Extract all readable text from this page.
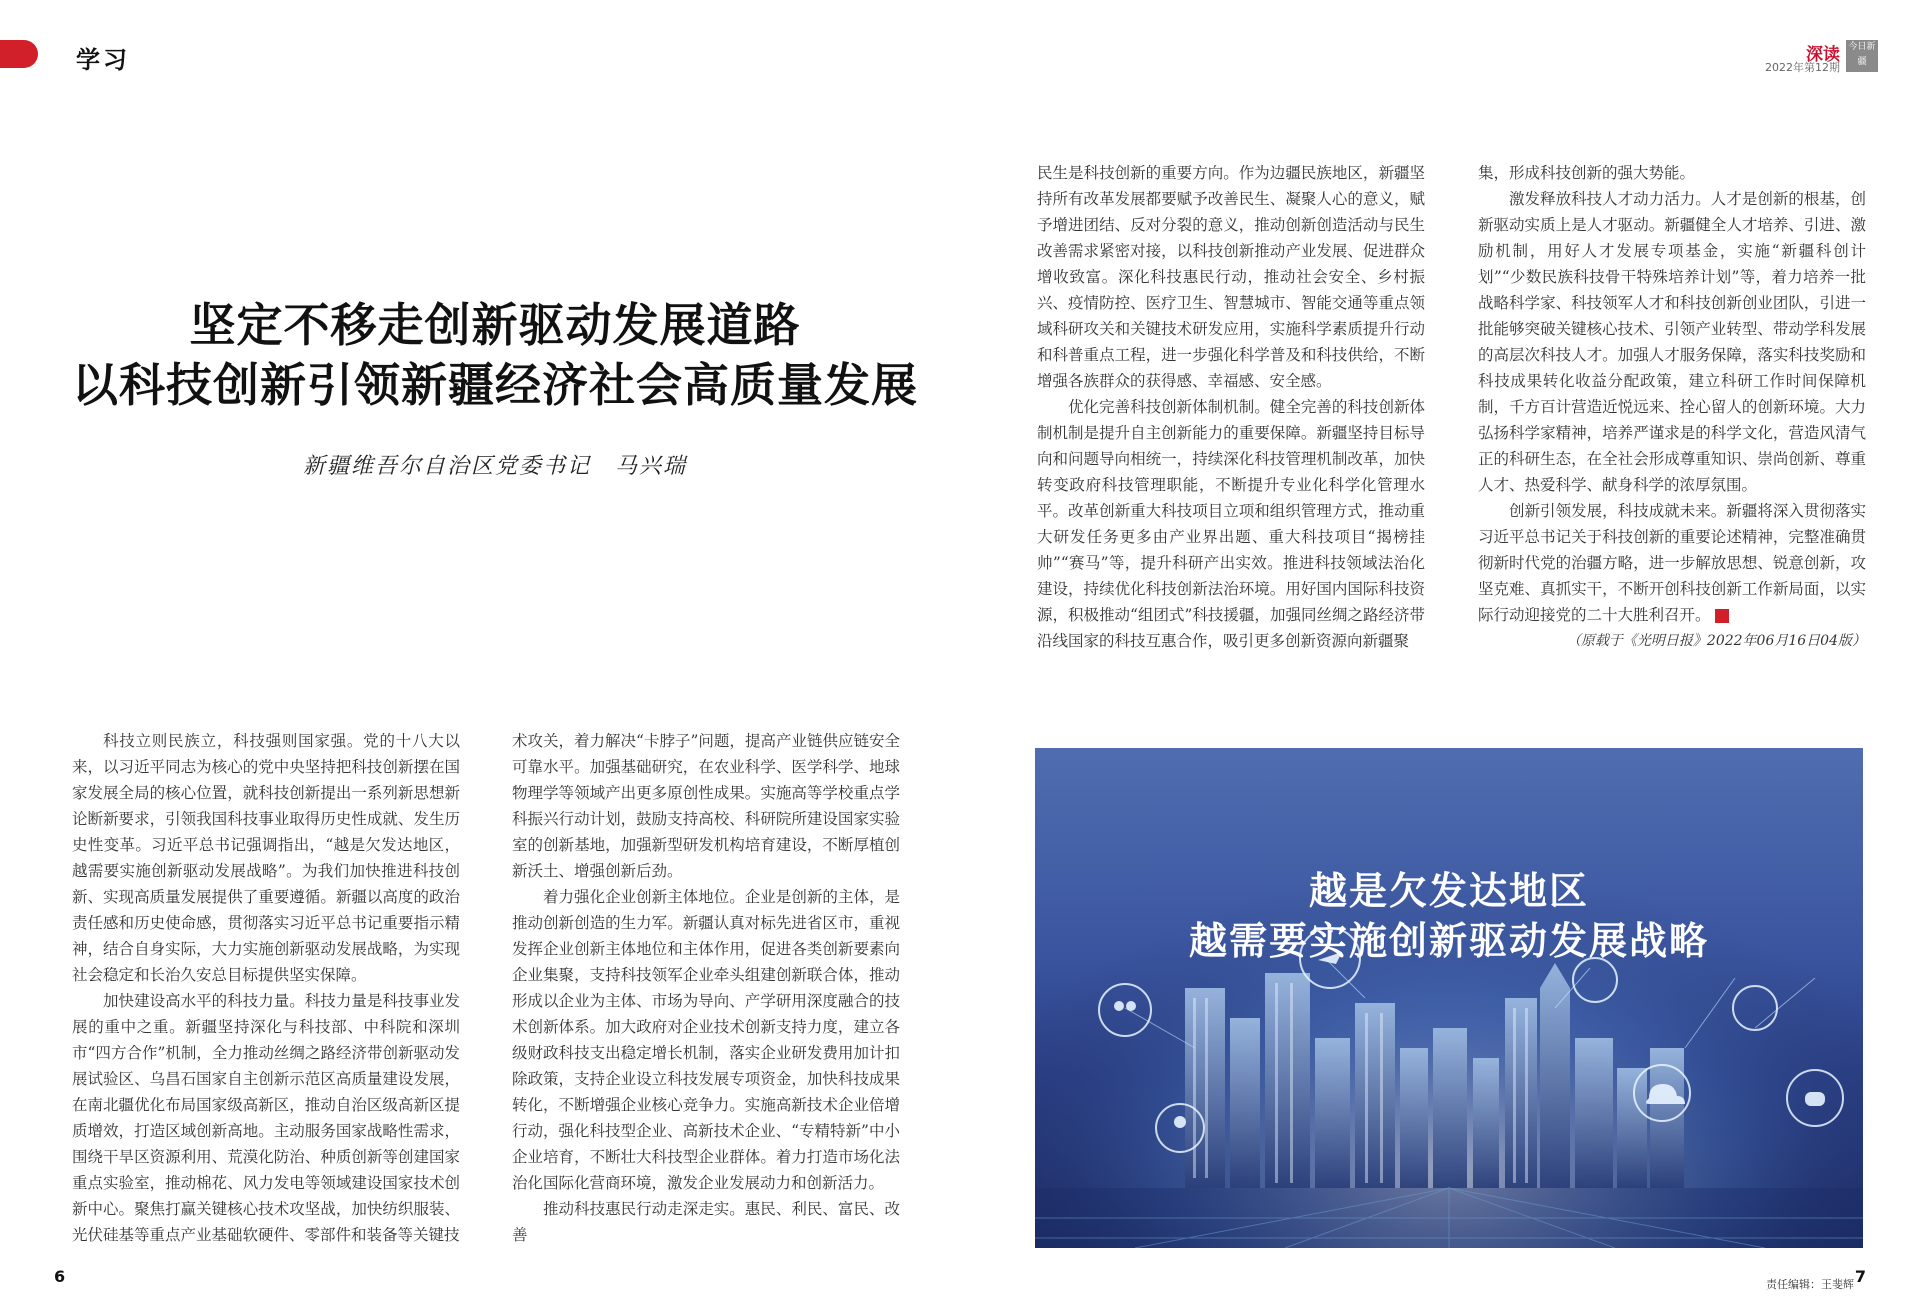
学习	深读 今日新疆
2022年第12期
坚定不移走创新驱动发展道路
以科技创新引领新疆经济社会高质量发展
新疆维吾尔自治区党委书记　马兴瑞

科技立则民族立，科技强则国家强。党的十八大以来，以习近平同志为核心的党中央坚持把科技创新摆在国家发展全局的核心位置，就科技创新提出一系列新思想新论断新要求，引领我国科技事业取得历史性成就、发生历史性变革。习近平总书记强调指出，“越是欠发达地区，越需要实施创新驱动发展战略”。为我们加快推进科技创新、实现高质量发展提供了重要遵循。新疆以高度的政治责任感和历史使命感，贯彻落实习近平总书记重要指示精神，结合自身实际，大力实施创新驱动发展战略，为实现社会稳定和长治久安总目标提供坚实保障。

加快建设高水平的科技力量。科技力量是科技事业发展的重中之重。新疆坚持深化与科技部、中科院和深圳市“四方合作”机制，全力推动丝绸之路经济带创新驱动发展试验区、乌昌石国家自主创新示范区高质量建设发展，在南北疆优化布局国家级高新区，推动自治区级高新区提质增效，打造区域创新高地。主动服务国家战略性需求，围绕干旱区资源利用、荒漠化防治、种质创新等创建国家重点实验室，推动棉花、风力发电等领域建设国家技术创新中心。聚焦打赢关键核心技术攻坚战，加快纺织服装、光伏硅基等重点产业基础软硬件、零部件和装备等关键技

术攻关，着力解决“卡脖子”问题，提高产业链供应链安全可靠水平。加强基础研究，在农业科学、医学科学、地球物理学等领域产出更多原创性成果。实施高等学校重点学科振兴行动计划，鼓励支持高校、科研院所建设国家实验室的创新基地，加强新型研发机构培育建设，不断厚植创新沃土、增强创新后劲。

着力强化企业创新主体地位。企业是创新的主体，是推动创新创造的生力军。新疆认真对标先进省区市，重视发挥企业创新主体地位和主体作用，促进各类创新要素向企业集聚，支持科技领军企业牵头组建创新联合体，推动形成以企业为主体、市场为导向、产学研用深度融合的技术创新体系。加大政府对企业技术创新支持力度，建立各级财政科技支出稳定增长机制，落实企业研发费用加计扣除政策，支持企业设立科技发展专项资金，加快科技成果转化，不断增强企业核心竞争力。实施高新技术企业倍增行动，强化科技型企业、高新技术企业、“专精特新”中小企业培育，不断壮大科技型企业群体。着力打造市场化法治化国际化营商环境，激发企业发展动力和创新活力。

推动科技惠民行动走深走实。惠民、利民、富民、改善

民生是科技创新的重要方向。作为边疆民族地区，新疆坚持所有改革发展都要赋予改善民生、凝聚人心的意义，赋予增进团结、反对分裂的意义，推动创新创造活动与民生改善需求紧密对接，以科技创新推动产业发展、促进群众增收致富。深化科技惠民行动，推动社会安全、乡村振兴、疫情防控、医疗卫生、智慧城市、智能交通等重点领域科研攻关和关键技术研发应用，实施科学素质提升行动和科普重点工程，进一步强化科学普及和科技供给，不断增强各族群众的获得感、幸福感、安全感。

优化完善科技创新体制机制。健全完善的科技创新体制机制是提升自主创新能力的重要保障。新疆坚持目标导向和问题导向相统一，持续深化科技管理机制改革，加快转变政府科技管理职能，不断提升专业化科学化管理水平。改革创新重大科技项目立项和组织管理方式，推动重大研发任务更多由产业界出题、重大科技项目“揭榜挂帅”“赛马”等，提升科研产出实效。推进科技领域法治化建设，持续优化科技创新法治环境。用好国内国际科技资源，积极推动“组团式”科技援疆，加强同丝绸之路经济带沿线国家的科技互惠合作，吸引更多创新资源向新疆聚

集，形成科技创新的强大势能。

激发释放科技人才动力活力。人才是创新的根基，创新驱动实质上是人才驱动。新疆健全人才培养、引进、激励机制，用好人才发展专项基金，实施“新疆科创计划”“少数民族科技骨干特殊培养计划”等，着力培养一批战略科学家、科技领军人才和科技创新创业团队，引进一批能够突破关键核心技术、引领产业转型、带动学科发展的高层次科技人才。加强人才服务保障，落实科技奖励和科技成果转化收益分配政策，建立科研工作时间保障机制，千方百计营造近悦远来、拴心留人的创新环境。大力弘扬科学家精神，培养严谨求是的科学文化，营造风清气正的科研生态，在全社会形成尊重知识、崇尚创新、尊重人才、热爱科学、献身科学的浓厚氛围。

创新引领发展，科技成就未来。新疆将深入贯彻落实习近平总书记关于科技创新的重要论述精神，完整准确贯彻新时代党的治疆方略，进一步解放思想、锐意创新，攻坚克难、真抓实干，不断开创科技创新工作新局面，以实际行动迎接党的二十大胜利召开。

（原载于《光明日报》2022年06月16日04版）

越是欠发达地区
越需要实施创新驱动发展战略
6	7
责任编辑：王斐辉
